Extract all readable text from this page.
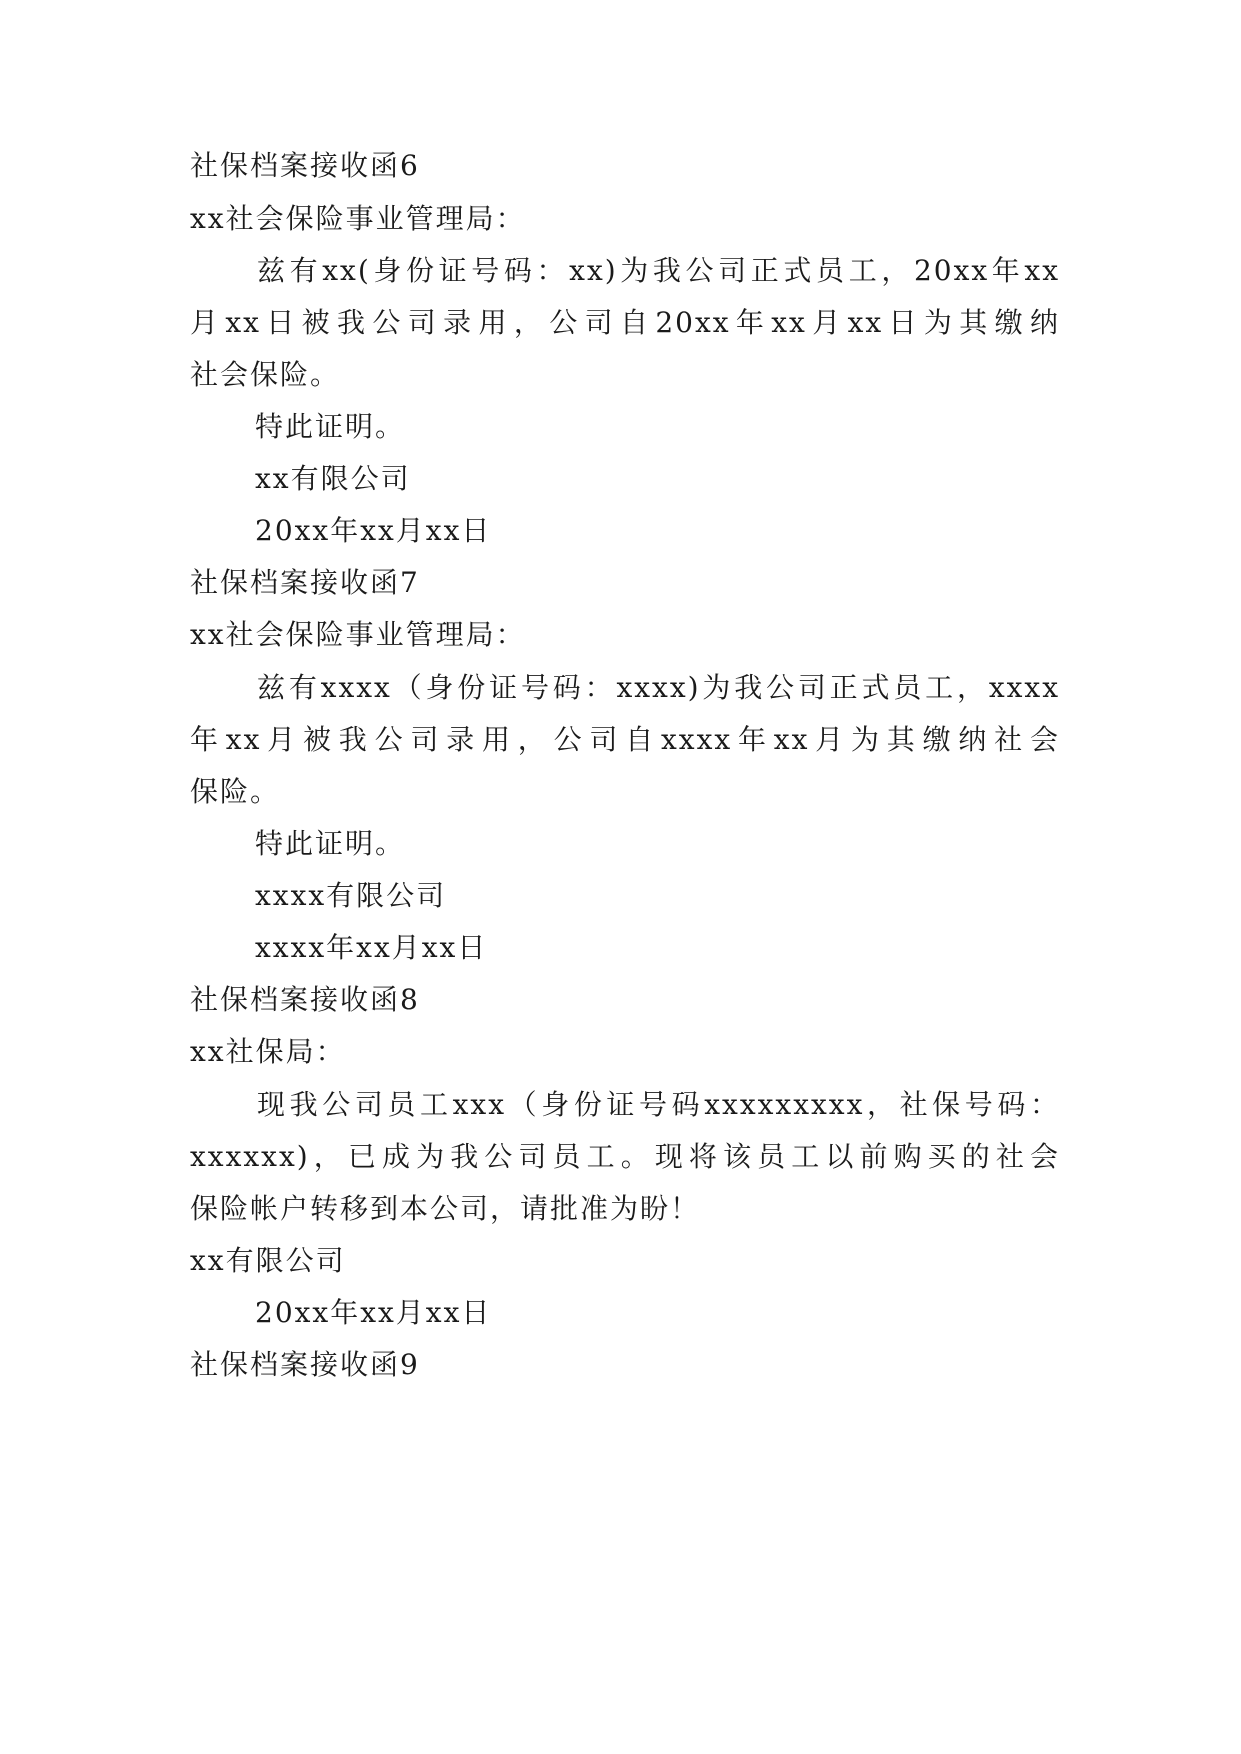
社保档案接收函6
xx社会保险事业管理局：
兹有xx(身份证号码：xx)为我公司正式员工，20xx年xx
月xx日被我公司录用，公司自20xx年xx月xx日为其缴纳
社会保险。
特此证明。
xx有限公司
20xx年xx月xx日
社保档案接收函7
xx社会保险事业管理局：
兹有xxxx（身份证号码：xxxx)为我公司正式员工，xxxx
年xx月被我公司录用，公司自xxxx年xx月为其缴纳社会
保险。
特此证明。
xxxx有限公司
xxxx年xx月xx日
社保档案接收函8
xx社保局：
现我公司员工xxx（身份证号码xxxxxxxxx，社保号码：
xxxxxx)，已成为我公司员工。现将该员工以前购买的社会
保险帐户转移到本公司，请批准为盼！
xx有限公司
20xx年xx月xx日
社保档案接收函9
